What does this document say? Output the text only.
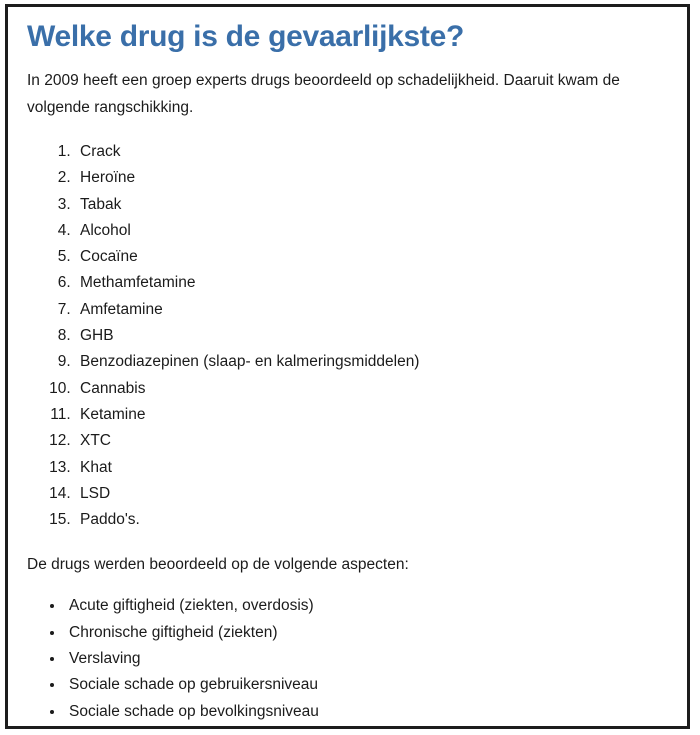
Welke drug is de gevaarlijkste?

In 2009 heeft een groep experts drugs beoordeeld op schadelijkheid. Daaruit kwam de volgende rangschikking.

1. Crack
2. Heroïne
3. Tabak
4. Alcohol
5. Cocaïne
6. Methamfetamine
7. Amfetamine
8. GHB
9. Benzodiazepinen (slaap- en kalmeringsmiddelen)
10. Cannabis
11. Ketamine
12. XTC
13. Khat
14. LSD
15. Paddo's.

De drugs werden beoordeeld op de volgende aspecten:

• Acute giftigheid (ziekten, overdosis)
• Chronische giftigheid (ziekten)
• Verslaving
• Sociale schade op gebruikersniveau
• Sociale schade op bevolkingsniveau
